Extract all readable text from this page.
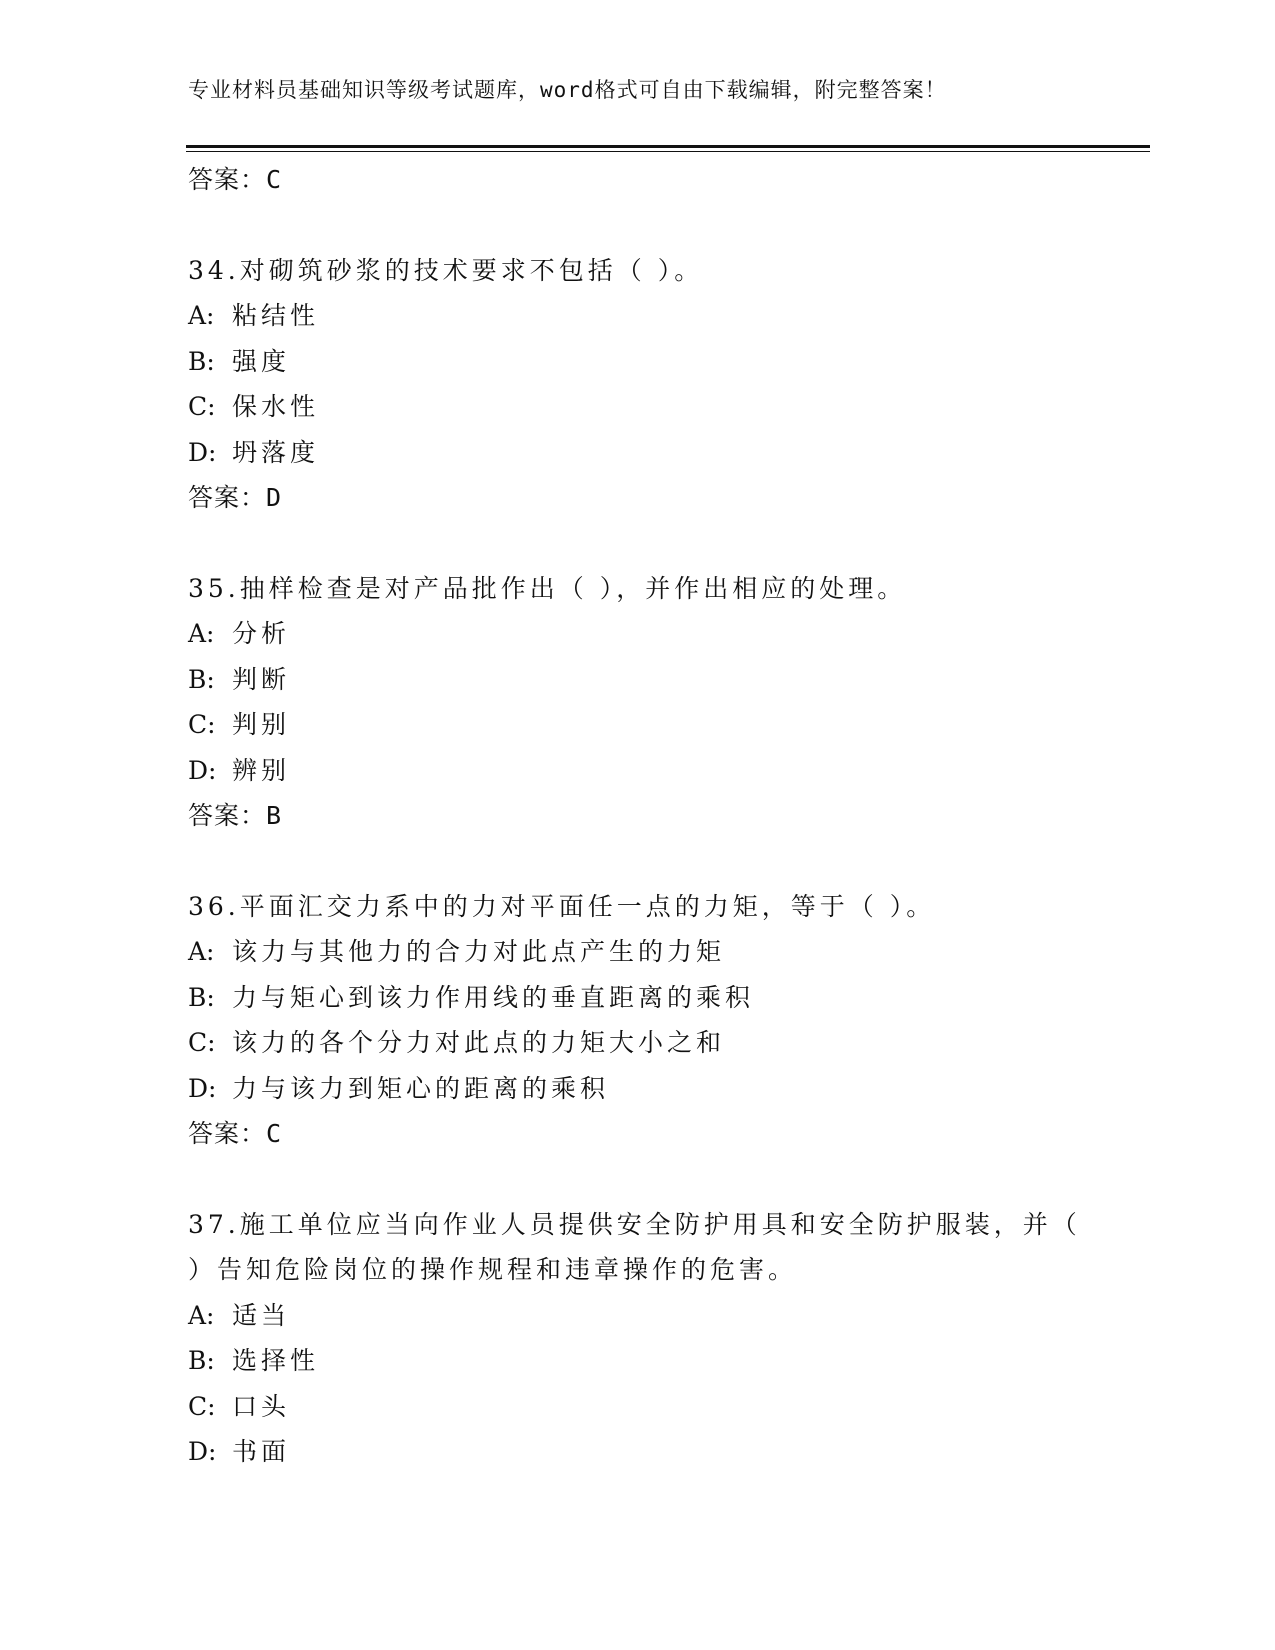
专业材料员基础知识等级考试题库，word格式可自由下载编辑，附完整答案！
答案：C
34.对砌筑砂浆的技术要求不包括（ ）。
A: 粘结性
B: 强度
C: 保水性
D: 坍落度
答案：D
35.抽样检查是对产品批作出（ ），并作出相应的处理。
A: 分析
B: 判断
C: 判别
D: 辨别
答案：B
36.平面汇交力系中的力对平面任一点的力矩，等于（ ）。
A: 该力与其他力的合力对此点产生的力矩
B: 力与矩心到该力作用线的垂直距离的乘积
C: 该力的各个分力对此点的力矩大小之和
D: 力与该力到矩心的距离的乘积
答案：C
37.施工单位应当向作业人员提供安全防护用具和安全防护服装，并（
）告知危险岗位的操作规程和违章操作的危害。
A: 适当
B: 选择性
C: 口头
D: 书面
